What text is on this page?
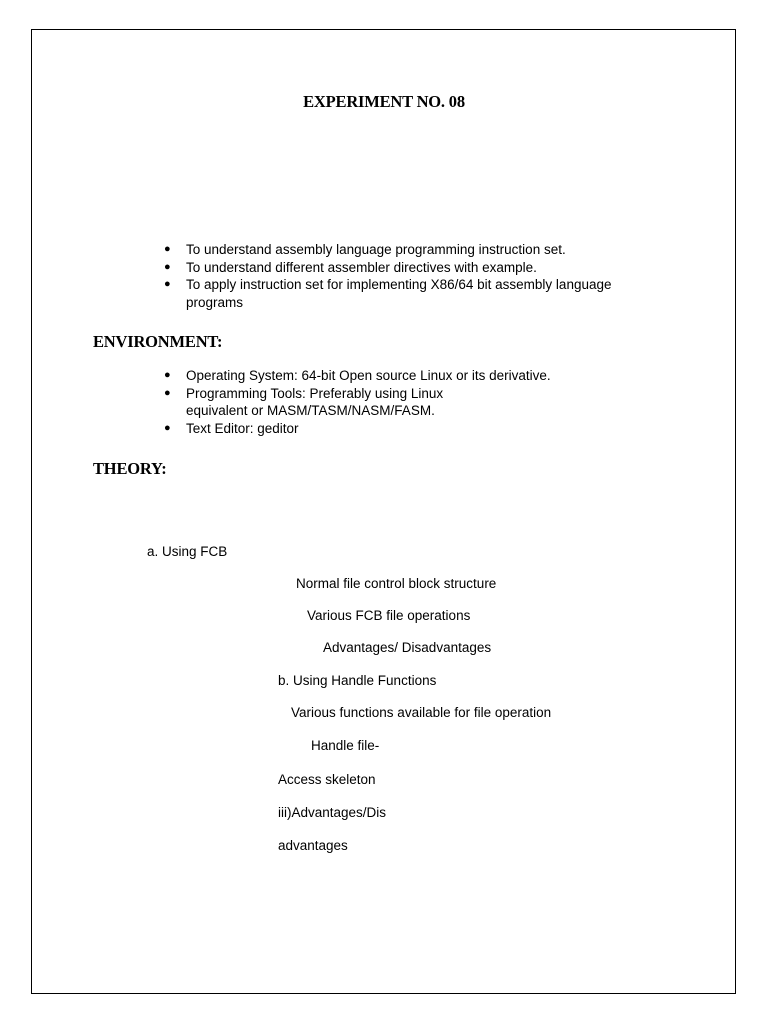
EXPERIMENT NO. 08
● To understand assembly language programming instruction set.
● To understand different assembler directives with example.
● To apply instruction set for implementing X86/64 bit assembly language programs
ENVIRONMENT:
● Operating System: 64-bit Open source Linux or its derivative.
● Programming Tools: Preferably using Linux equivalent or MASM/TASM/NASM/FASM.
● Text Editor: geditor
THEORY:
a. Using FCB
Normal file control block structure
Various FCB file operations
Advantages/ Disadvantages
b. Using Handle Functions
Various functions available for file operation
Handle file-
Access skeleton
iii)Advantages/Dis
advantages
